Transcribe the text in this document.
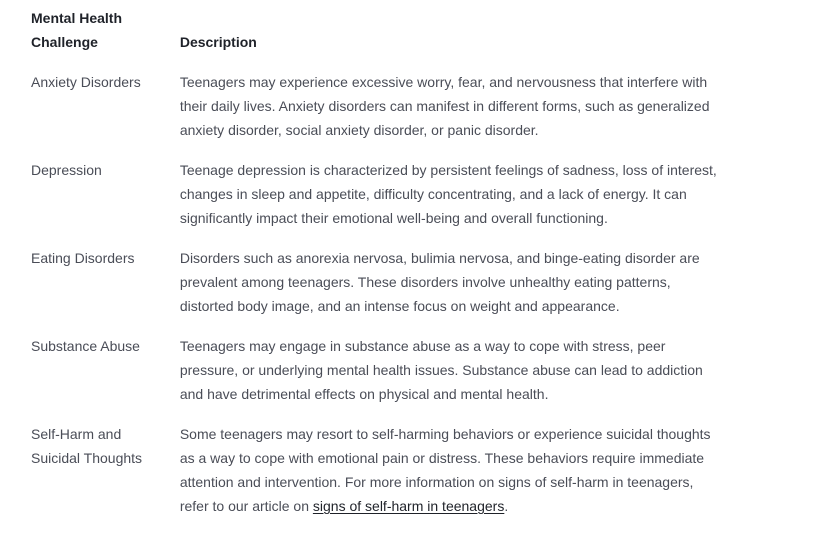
Mental Health
Challenge	Description
Anxiety Disorders	Teenagers may experience excessive worry, fear, and nervousness that interfere with their daily lives. Anxiety disorders can manifest in different forms, such as generalized anxiety disorder, social anxiety disorder, or panic disorder.
Depression	Teenage depression is characterized by persistent feelings of sadness, loss of interest, changes in sleep and appetite, difficulty concentrating, and a lack of energy. It can significantly impact their emotional well-being and overall functioning.
Eating Disorders	Disorders such as anorexia nervosa, bulimia nervosa, and binge-eating disorder are prevalent among teenagers. These disorders involve unhealthy eating patterns, distorted body image, and an intense focus on weight and appearance.
Substance Abuse	Teenagers may engage in substance abuse as a way to cope with stress, peer pressure, or underlying mental health issues. Substance abuse can lead to addiction and have detrimental effects on physical and mental health.
Self-Harm and Suicidal Thoughts	Some teenagers may resort to self-harming behaviors or experience suicidal thoughts as a way to cope with emotional pain or distress. These behaviors require immediate attention and intervention. For more information on signs of self-harm in teenagers, refer to our article on signs of self-harm in teenagers.
